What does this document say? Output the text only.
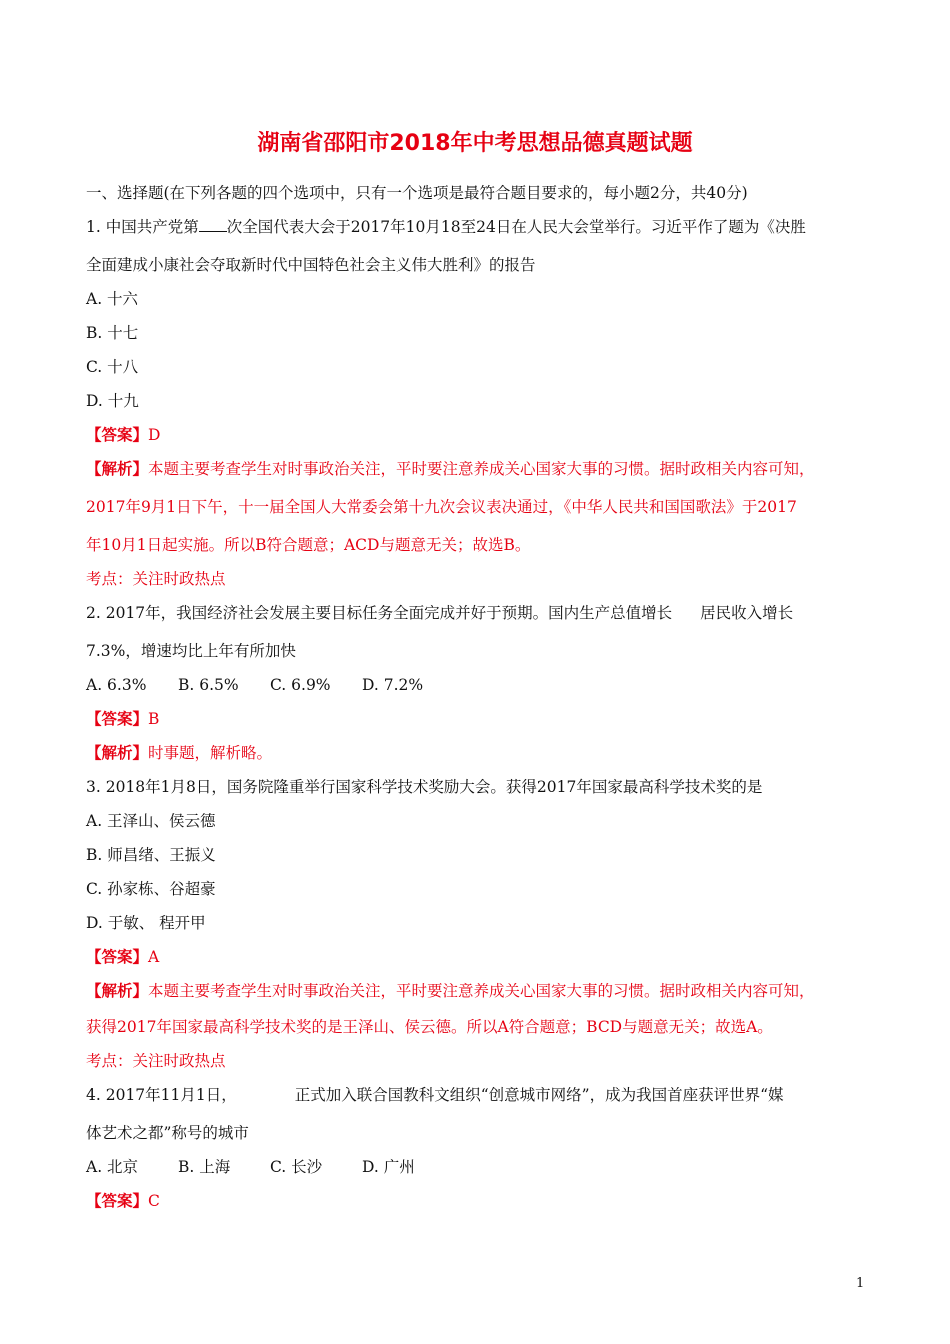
湖南省邵阳市2018年中考思想品德真题试题
一、选择题(在下列各题的四个选项中，只有一个选项是最符合题目要求的，每小题2分，共40分)
1. 中国共产党第 次全国代表大会于2017年10月18至24日在人民大会堂举行。习近平作了题为《决胜
全面建成小康社会夺取新时代中国特色社会主义伟大胜利》的报告
A. 十六
B. 十七
C. 十八
D. 十九
【答案】D
【解析】本题主要考查学生对时事政治关注，平时要注意养成关心国家大事的习惯。据时政相关内容可知，
2017年9月1日下午，十一届全国人大常委会第十九次会议表决通过，《中华人民共和国国歌法》于2017
年10月1日起实施。所以B符合题意；ACD与题意无关；故选B。
考点：关注时政热点
2. 2017年，我国经济社会发展主要目标任务全面完成并好于预期。国内生产总值增长 居民收入增长
7.3%，增速均比上年有所加快
A. 6.3% B. 6.5% C. 6.9% D. 7.2%
【答案】B
【解析】时事题，解析略。
3. 2018年1月8日，国务院隆重举行国家科学技术奖励大会。获得2017年国家最高科学技术奖的是
A. 王泽山、侯云德
B. 师昌绪、王振义
C. 孙家栋、谷超豪
D. 于敏、 程开甲
【答案】A
【解析】本题主要考查学生对时事政治关注，平时要注意养成关心国家大事的习惯。据时政相关内容可知，
获得2017年国家最高科学技术奖的是王泽山、侯云德。所以A符合题意；BCD与题意无关；故选A。
考点：关注时政热点
4. 2017年11月1日，	正式加入联合国教科文组织“创意城市网络”，成为我国首座获评世界“媒
体艺术之都”称号的城市
A. 北京	B. 上海	C. 长沙	D. 广州
【答案】C
1
